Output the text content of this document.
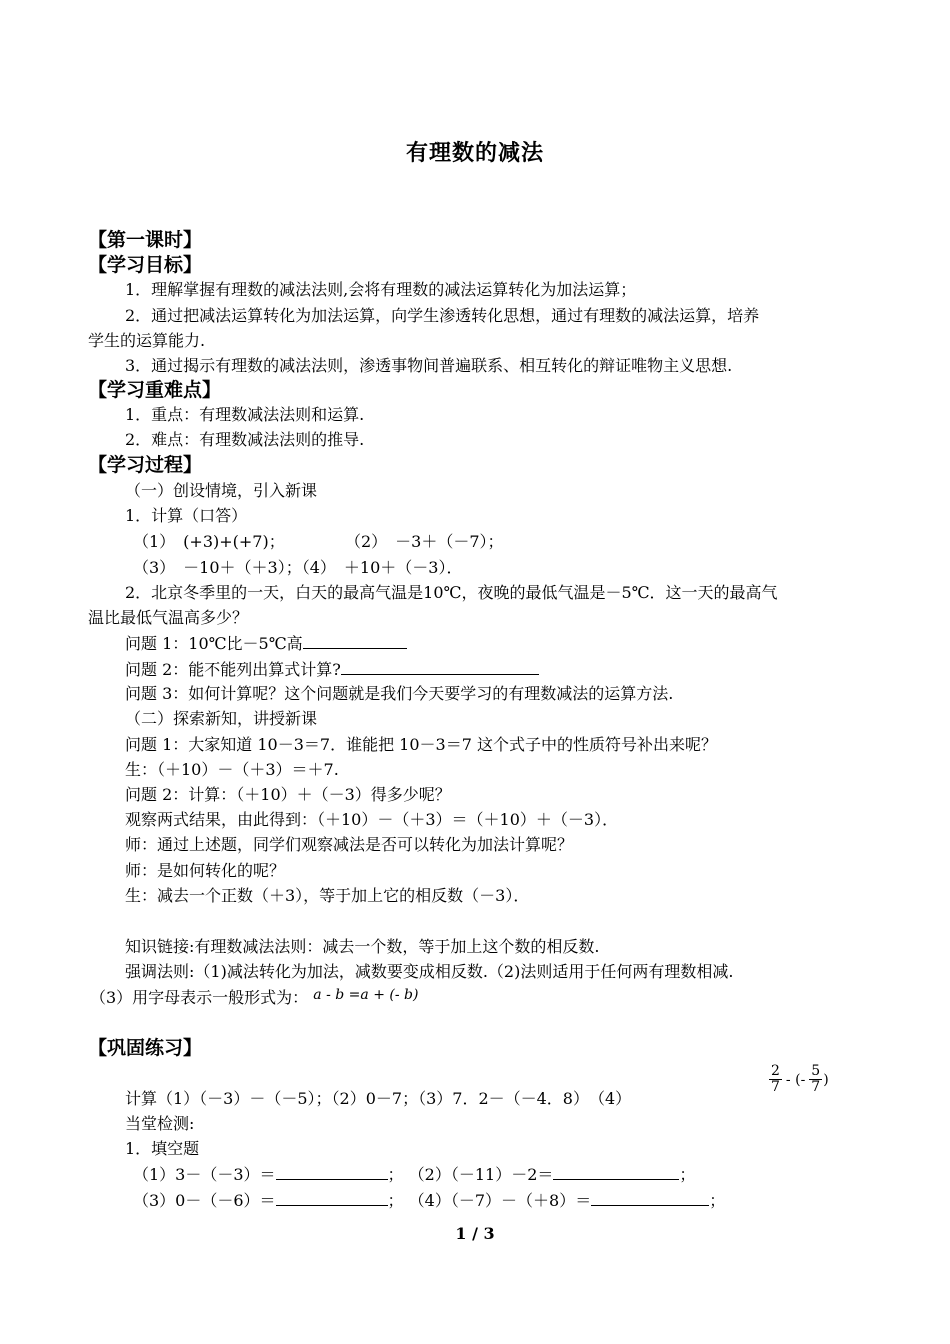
有理数的减法
【第一课时】
【学习目标】
1．理解掌握有理数的减法法则,会将有理数的减法运算转化为加法运算；
2．通过把减法运算转化为加法运算，向学生渗透转化思想，通过有理数的减法运算，培养
学生的运算能力.
3．通过揭示有理数的减法法则，渗透事物间普遍联系、相互转化的辩证唯物主义思想.
【学习重难点】
1．重点：有理数减法法则和运算.
2．难点：有理数减法法则的推导.
【学习过程】
（一）创设情境，引入新课
1．计算（口答）
（1）　(+3)+(+7)；	（2）　－3＋（－7）；
（3）　－10＋（＋3）；（4）　＋10＋（－3）．
2．北京冬季里的一天，白天的最高气温是10℃，夜晚的最低气温是－5℃．这一天的最高气
温比最低气温高多少？
问题 1：10℃比－5℃高
问题 2：能不能列出算式计算?
问题 3：如何计算呢？这个问题就是我们今天要学习的有理数减法的运算方法.
（二）探索新知，讲授新课
问题 1：大家知道 10－3＝7．谁能把 10－3＝7 这个式子中的性质符号补出来呢？
生：（＋10）－（＋3）＝＋7.
问题 2：计算：（＋10）＋（－3）得多少呢？
观察两式结果，由此得到：（＋10）－（＋3）＝（＋10）＋（－3）．
师：通过上述题，同学们观察减法是否可以转化为加法计算呢？
师：是如何转化的呢？
生：减去一个正数（＋3），等于加上它的相反数（－3）．
知识链接:有理数减法法则：减去一个数，等于加上这个数的相反数.
强调法则:（1)减法转化为加法，减数要变成相反数.（2)法则适用于任何两有理数相减.
（3）用字母表示一般形式为： a - b =a + (- b)
【巩固练习】
计算（1）（－3）－（－5）；（2）0－7；（3）7．2－（－4．8）　（4）
$\frac{2}{7}$ - (- $\frac{5}{7}$ )
当堂检测:
1．填空题
（1）3－（－3）＝	； （2）（－11）－2＝	；
（3）0－（－6）＝	； （4）（－7）－（＋8）＝	；
1 / 3
